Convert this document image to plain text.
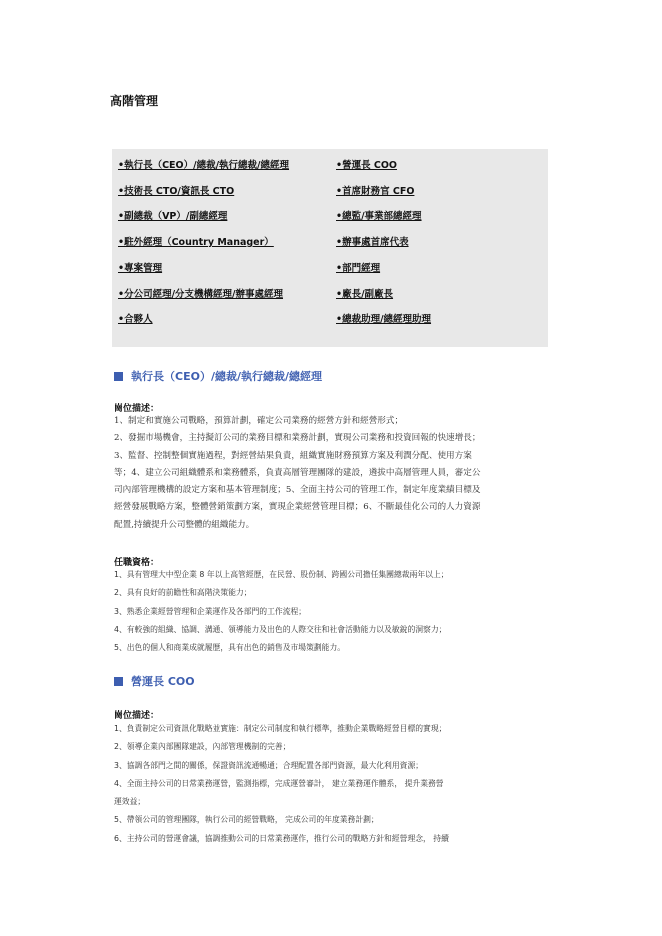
高階管理
•執行長（CEO）/總裁/執行總裁/總經理
•技術長 CTO/資訊長 CTO
•副總裁（VP）/副總經理
•駐外經理（Country Manager）
•專案管理
•分公司經理/分支機構經理/辦事處經理
•合夥人
•營運長 COO
•首席財務官 CFO
•總監/事業部總經理
•辦事處首席代表
•部門經理
•廠長/副廠長
•總裁助理/總經理助理
執行長（CEO）/總裁/執行總裁/總經理
崗位描述：
1、制定和實施公司戰略，預算計劃，確定公司業務的經營方針和經營形式；
2、發掘市場機會，主持擬訂公司的業務目標和業務計劃，實現公司業務和投資回報的快速增長；
3、監督、控制整個實施過程，對經營結果負責，組織實施財務預算方案及利潤分配、使用方案
等；4、建立公司組織體系和業務體系，負責高層管理團隊的建設，遴拔中高層管理人員，審定公
司內部管理機構的設定方案和基本管理制度；5、全面主持公司的管理工作，制定年度業績目標及
經營發展戰略方案，整體營銷策劃方案，實現企業經營管理目標；6、不斷最佳化公司的人力資源
配置,持續提升公司整體的組織能力。
任職資格：
1、具有管理大中型企業 8 年以上高管經歷，在民營、股份制、跨國公司擔任集團總裁兩年以上；
2、具有良好的前瞻性和高階決策能力；
3、熟悉企業經營管理和企業運作及各部門的工作流程；
4、有較強的組織、協調、溝通、領導能力及出色的人際交往和社會活動能力以及敏銳的洞察力；
5、出色的個人和商業成就履歷，具有出色的銷售及市場策劃能力。
營運長 COO
崗位描述：
1、負責制定公司資訊化戰略並實施：制定公司制度和執行標準，推動企業戰略經營目標的實現；
2、領導企業內部團隊建設，內部管理機制的完善；
3、協調各部門之間的關係，保證資訊流通暢通；合理配置各部門資源，最大化利用資源；
4、全面主持公司的日常業務運營，監測指標，完成運營審計， 建立業務運作體系， 提升業務營
運效益；
5、帶領公司的管理團隊，執行公司的經營戰略， 完成公司的年度業務計劃；
6、主持公司的營運會議，協調推動公司的日常業務運作，推行公司的戰略方針和經營理念， 持續
